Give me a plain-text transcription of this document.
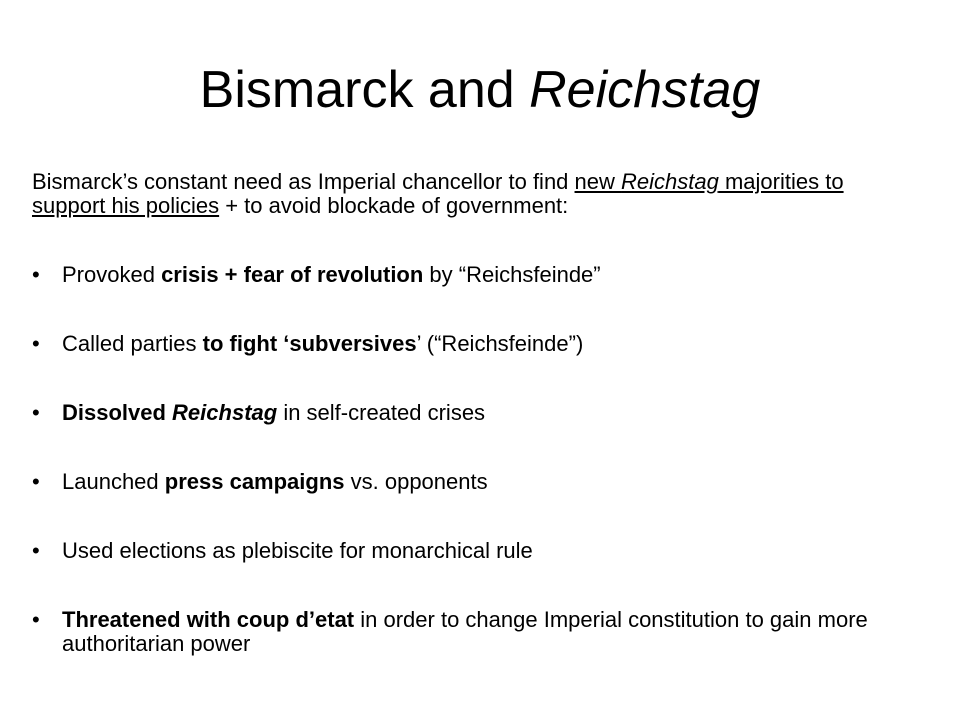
Bismarck and Reichstag

Bismarck’s constant need as Imperial chancellor to find new Reichstag majorities to support his policies + to avoid blockade of government:

•	Provoked crisis + fear of revolution by “Reichsfeinde”
•	Called parties to fight ‘subversives’ (“Reichsfeinde”)
•	Dissolved Reichstag in self-created crises
•	Launched press campaigns vs. opponents
•	Used elections as plebiscite for monarchical rule
•	Threatened with coup d’etat in order to change Imperial constitution to gain more authoritarian power
